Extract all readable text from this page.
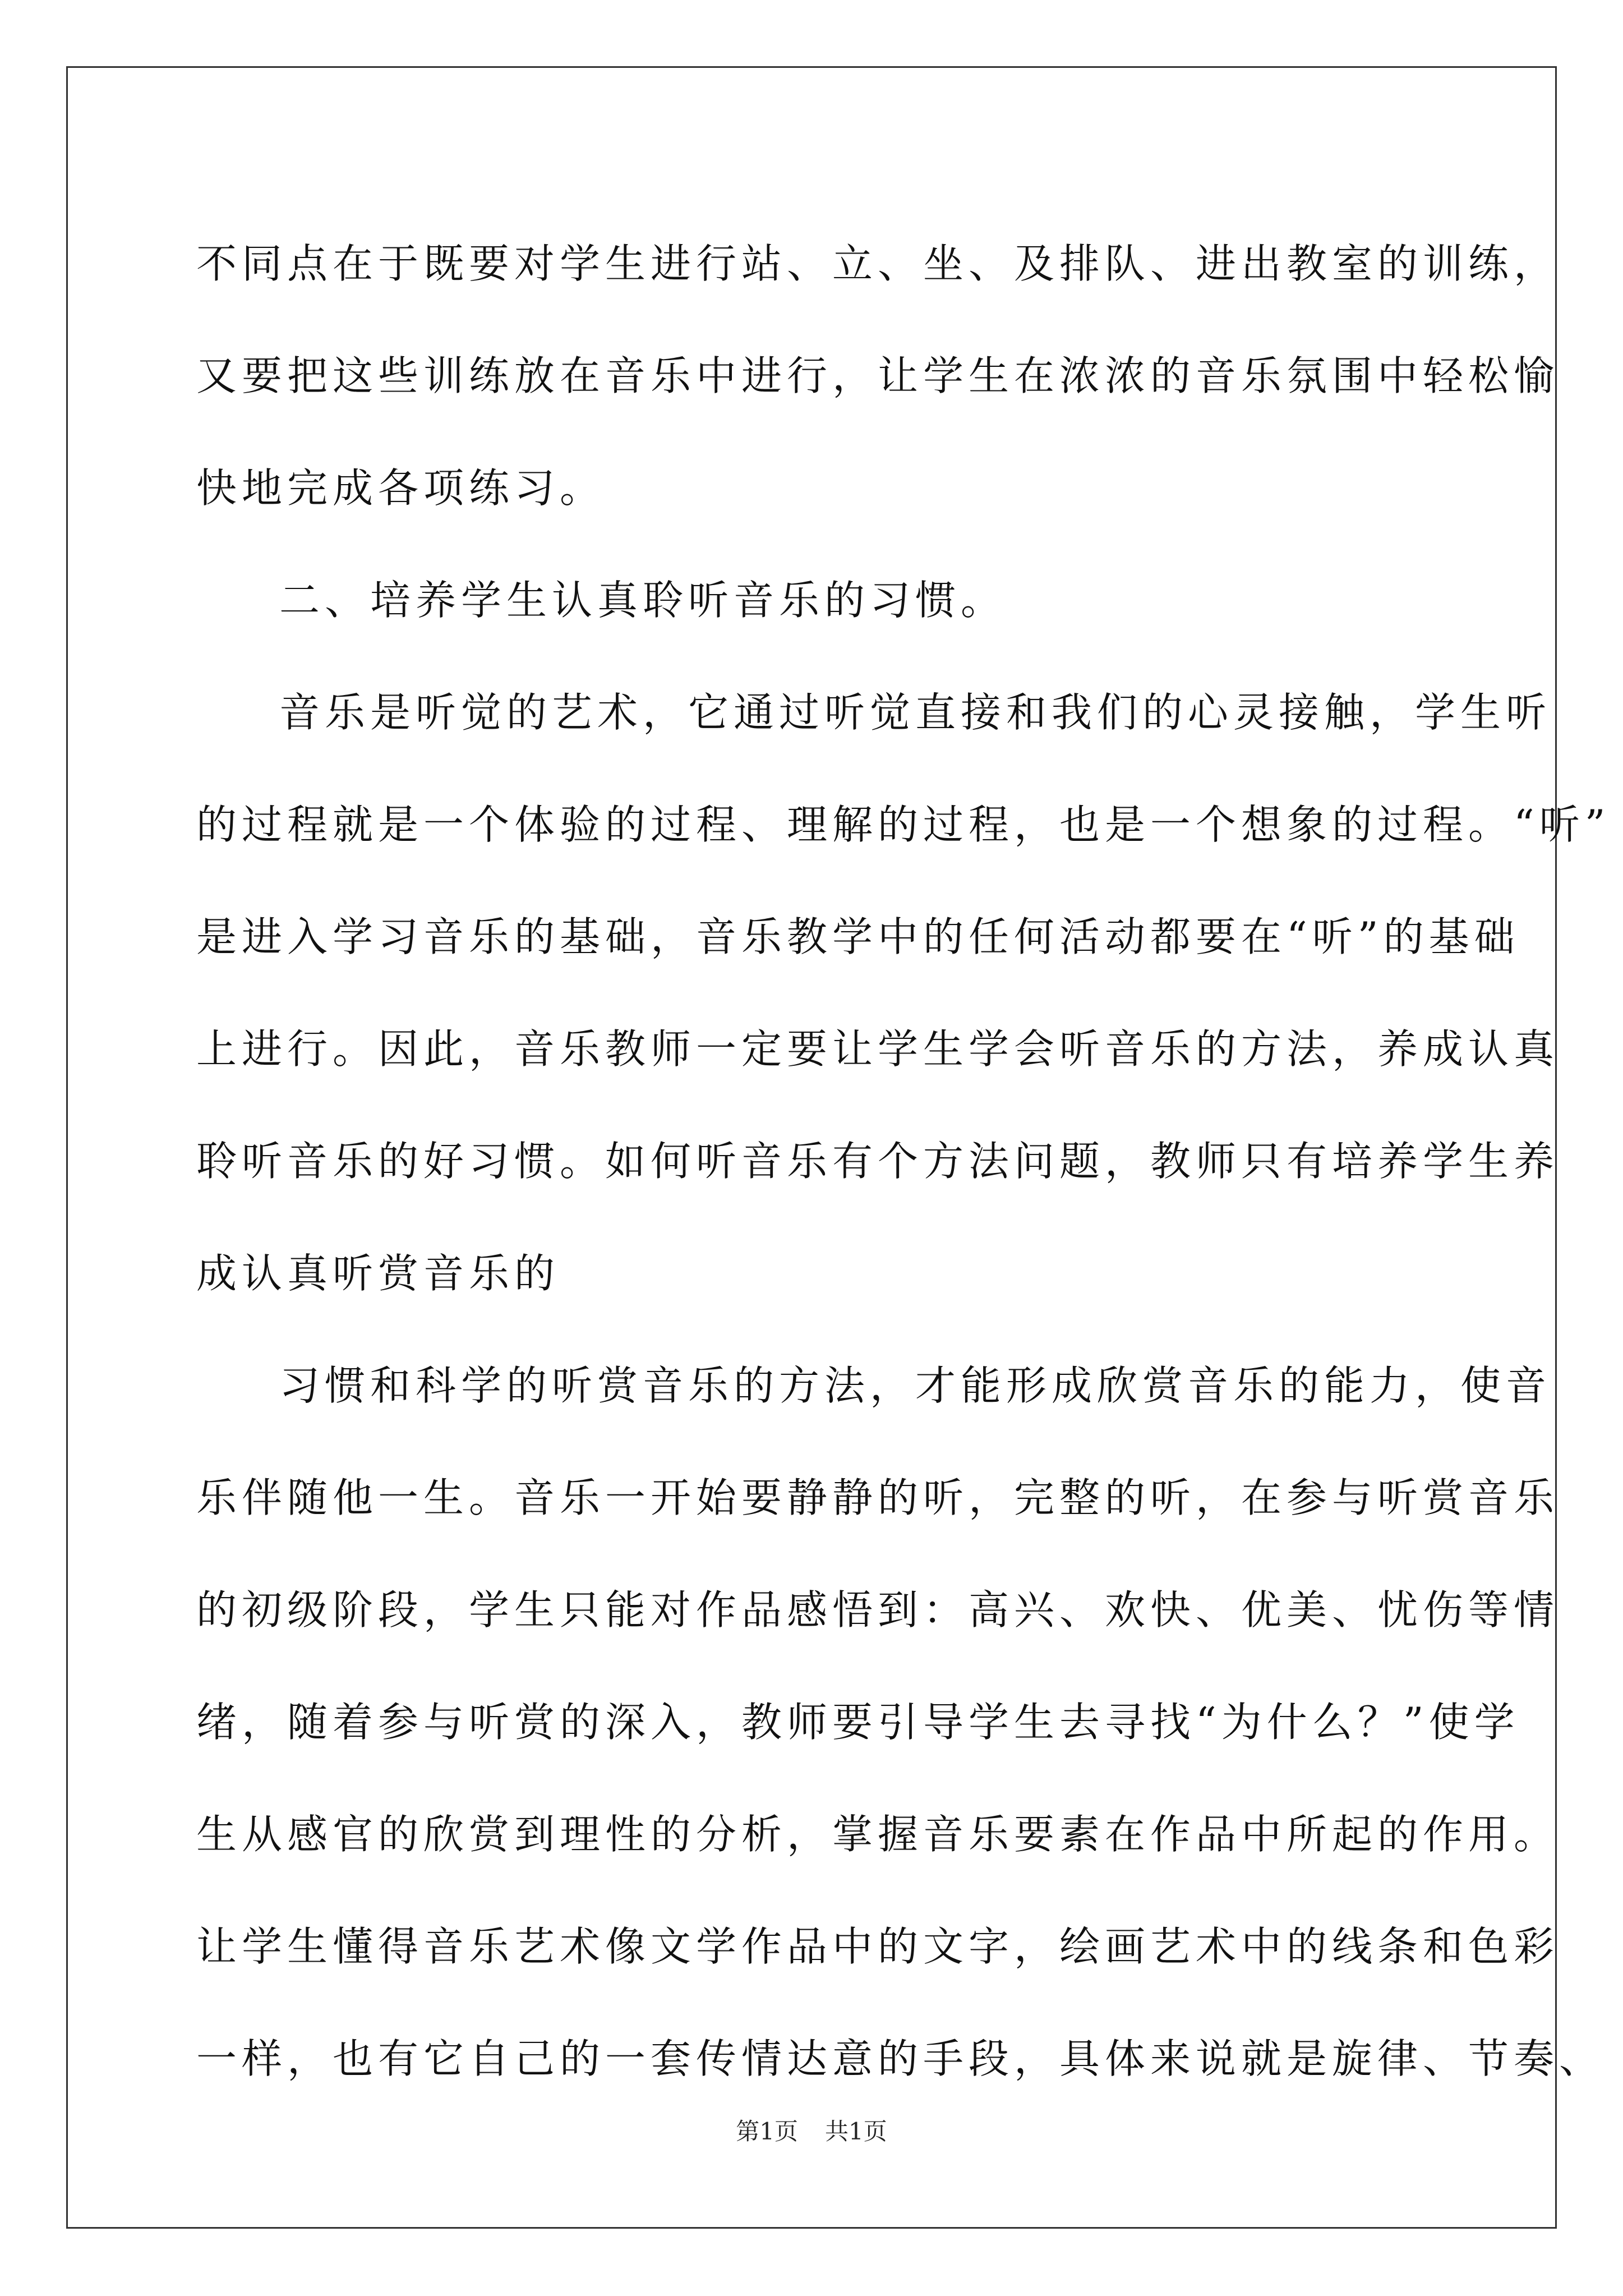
不同点在于既要对学生进行站、立、坐、及排队、进出教室的训练，
又要把这些训练放在音乐中进行，让学生在浓浓的音乐氛围中轻松愉
快地完成各项练习。
二、培养学生认真聆听音乐的习惯。
音乐是听觉的艺术，它通过听觉直接和我们的心灵接触，学生听
的过程就是一个体验的过程、理解的过程，也是一个想象的过程。“听”
是进入学习音乐的基础，音乐教学中的任何活动都要在“听”的基础
上进行。因此，音乐教师一定要让学生学会听音乐的方法，养成认真
聆听音乐的好习惯。如何听音乐有个方法问题，教师只有培养学生养
成认真听赏音乐的
习惯和科学的听赏音乐的方法，才能形成欣赏音乐的能力，使音
乐伴随他一生。音乐一开始要静静的听，完整的听，在参与听赏音乐
的初级阶段，学生只能对作品感悟到：高兴、欢快、优美、忧伤等情
绪，随着参与听赏的深入，教师要引导学生去寻找“为什么？”使学
生从感官的欣赏到理性的分析，掌握音乐要素在作品中所起的作用。
让学生懂得音乐艺术像文学作品中的文字，绘画艺术中的线条和色彩
一样，也有它自己的一套传情达意的手段，具体来说就是旋律、节奏、
第1页 共1页
